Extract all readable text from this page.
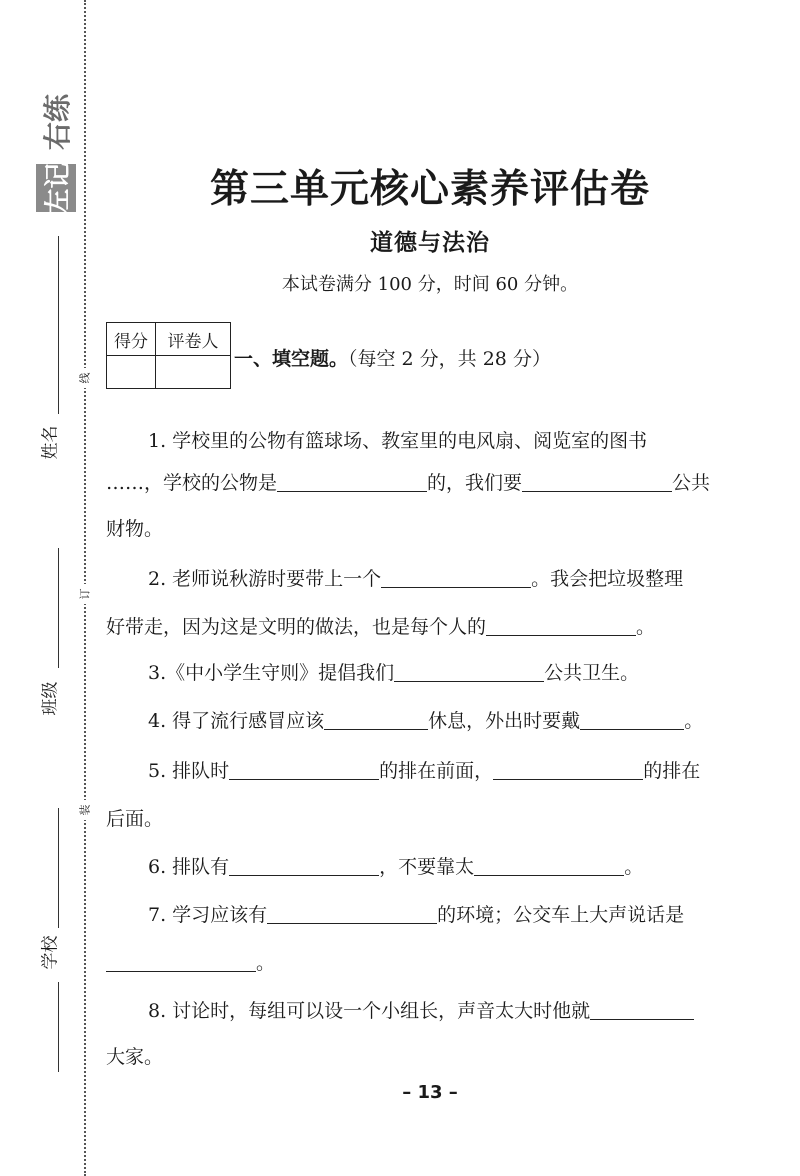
右练
左记
姓名
班级
学校
线
订
装
第三单元核心素养评估卷
道德与法治
本试卷满分 100 分，时间 60 分钟。
得分	评卷人

一、填空题。（每空 2 分，共 28 分）
1. 学校里的公物有篮球场、教室里的电风扇、阅览室的图书
……，学校的公物是	的，我们要	公共
财物。
2. 老师说秋游时要带上一个	。我会把垃圾整理
好带走，因为这是文明的做法，也是每个人的	。
3.《中小学生守则》提倡我们	公共卫生。
4. 得了流行感冒应该	休息，外出时要戴	。
5. 排队时	的排在前面，	的排在
后面。
6. 排队有	，不要靠太	。
7. 学习应该有	的环境；公交车上大声说话是
。
8. 讨论时，每组可以设一个小组长，声音太大时他就
大家。
– 13 –
